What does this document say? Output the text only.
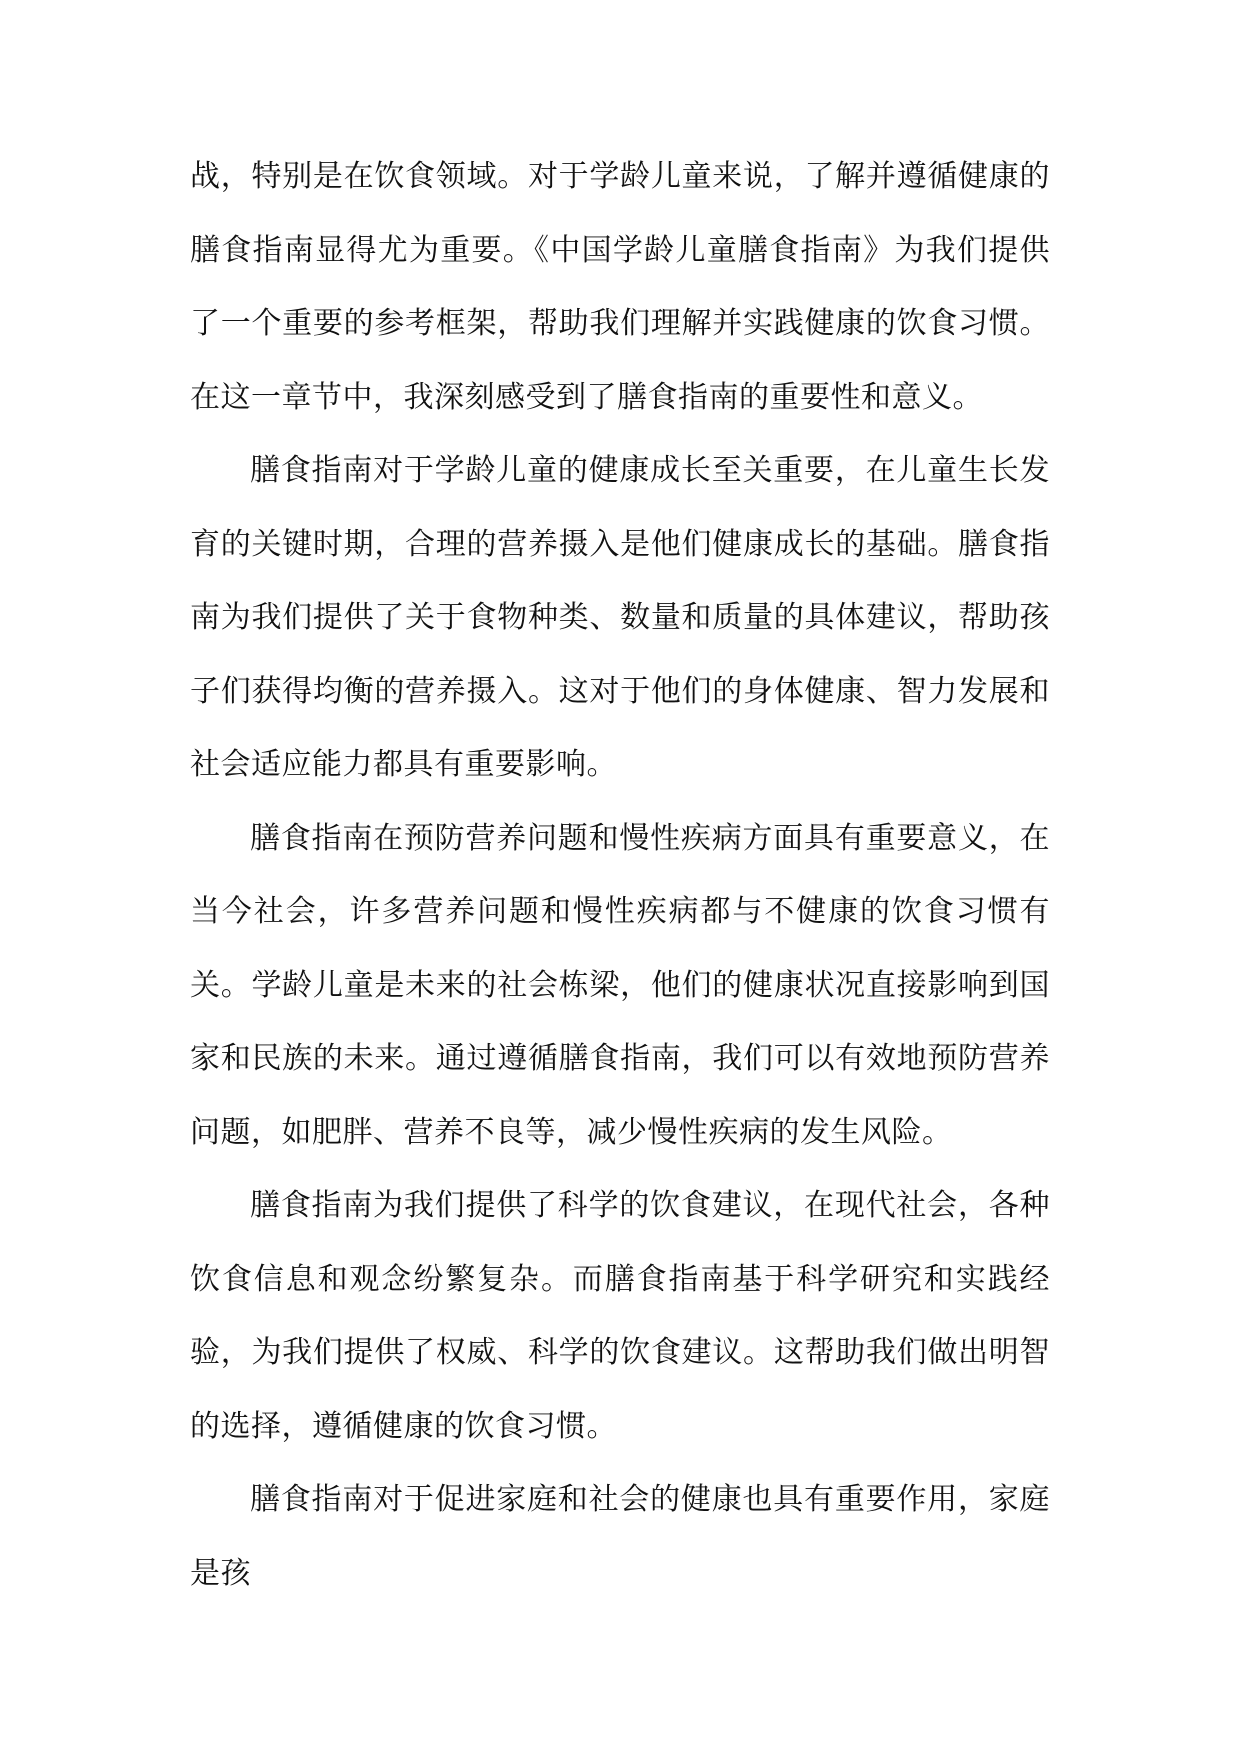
战，特别是在饮食领域。对于学龄儿童来说，了解并遵循健康的膳食指南显得尤为重要。《中国学龄儿童膳食指南》为我们提供了一个重要的参考框架，帮助我们理解并实践健康的饮食习惯。在这一章节中，我深刻感受到了膳食指南的重要性和意义。

膳食指南对于学龄儿童的健康成长至关重要，在儿童生长发育的关键时期，合理的营养摄入是他们健康成长的基础。膳食指南为我们提供了关于食物种类、数量和质量的具体建议，帮助孩子们获得均衡的营养摄入。这对于他们的身体健康、智力发展和社会适应能力都具有重要影响。

膳食指南在预防营养问题和慢性疾病方面具有重要意义，在当今社会，许多营养问题和慢性疾病都与不健康的饮食习惯有关。学龄儿童是未来的社会栋梁，他们的健康状况直接影响到国家和民族的未来。通过遵循膳食指南，我们可以有效地预防营养问题，如肥胖、营养不良等，减少慢性疾病的发生风险。

膳食指南为我们提供了科学的饮食建议，在现代社会，各种饮食信息和观念纷繁复杂。而膳食指南基于科学研究和实践经验，为我们提供了权威、科学的饮食建议。这帮助我们做出明智的选择，遵循健康的饮食习惯。

膳食指南对于促进家庭和社会的健康也具有重要作用，家庭是孩
